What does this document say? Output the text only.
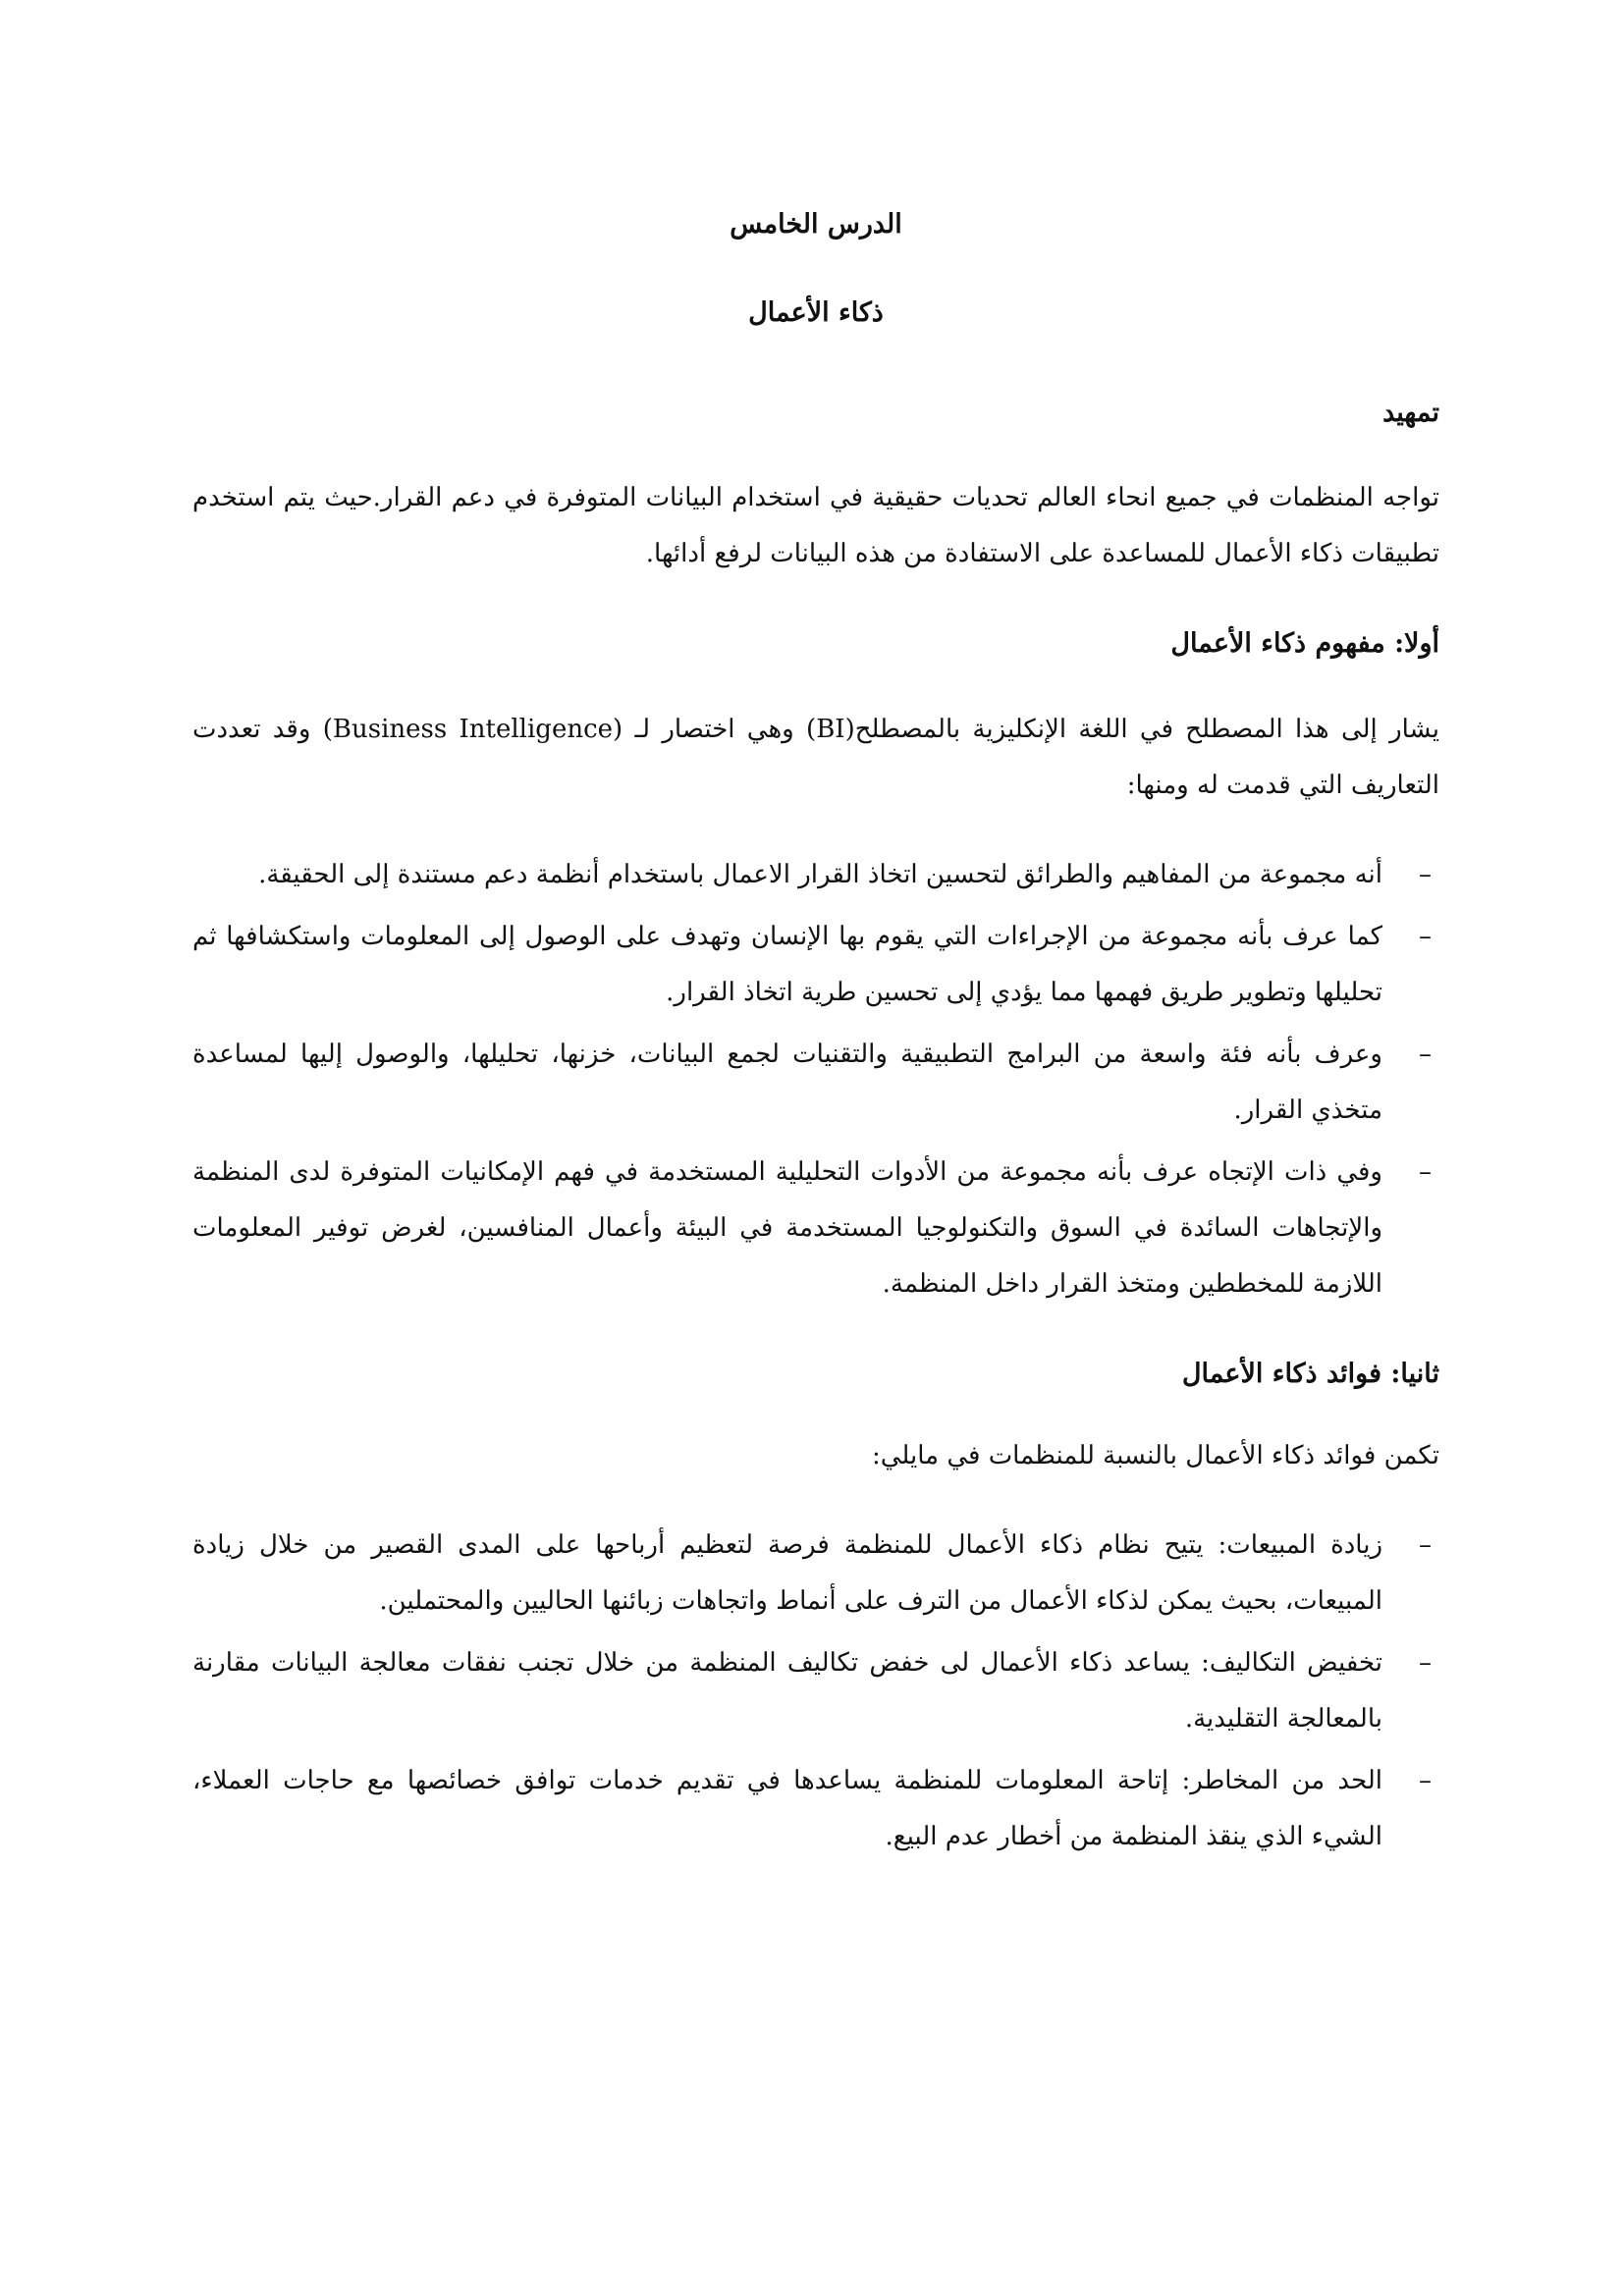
الدرس الخامس
ذكاء الأعمال
تمهيد

تواجه المنظمات في جميع انحاء العالم تحديات حقيقية في استخدام البيانات المتوفرة في دعم القرار.حيث يتم استخدم تطبيقات ذكاء الأعمال للمساعدة على الاستفادة من هذه البيانات لرفع أدائها.

أولا: مفهوم ذكاء الأعمال

يشار إلى هذا المصطلح في اللغة الإنكليزية بالمصطلح(BI) وهي اختصار لـ (Business Intelligence) وقد تعددت التعاريف التي قدمت له ومنها:

–
أنه مجموعة من المفاهيم والطرائق لتحسين اتخاذ القرار الاعمال باستخدام أنظمة دعم مستندة إلى الحقيقة.
–
كما عرف بأنه مجموعة من الإجراءات التي يقوم بها الإنسان وتهدف على الوصول إلى المعلومات واستكشافها ثم تحليلها وتطوير طريق فهمها مما يؤدي إلى تحسين طرية اتخاذ القرار.
–
وعرف بأنه فئة واسعة من البرامج التطبيقية والتقنيات لجمع البيانات، خزنها، تحليلها، والوصول إليها لمساعدة متخذي القرار.
–
وفي ذات الإتجاه عرف بأنه مجموعة من الأدوات التحليلية المستخدمة في فهم الإمكانيات المتوفرة لدى المنظمة والإتجاهات السائدة في السوق والتكنولوجيا المستخدمة في البيئة وأعمال المنافسين، لغرض توفير المعلومات اللازمة للمخططين ومتخذ القرار داخل المنظمة.
ثانيا: فوائد ذكاء الأعمال

تكمن فوائد ذكاء الأعمال بالنسبة للمنظمات في مايلي:

–
زيادة المبيعات: يتيح نظام ذكاء الأعمال للمنظمة فرصة لتعظيم أرباحها على المدى القصير من خلال زيادة المبيعات، بحيث يمكن لذكاء الأعمال من الترف على أنماط واتجاهات زبائنها الحاليين والمحتملين.
–
تخفيض التكاليف: يساعد ذكاء الأعمال لى خفض تكاليف المنظمة من خلال تجنب نفقات معالجة البيانات مقارنة بالمعالجة التقليدية.
–
الحد من المخاطر: إتاحة المعلومات للمنظمة يساعدها في تقديم خدمات توافق خصائصها مع حاجات العملاء، الشيء الذي ينقذ المنظمة من أخطار عدم البيع.
